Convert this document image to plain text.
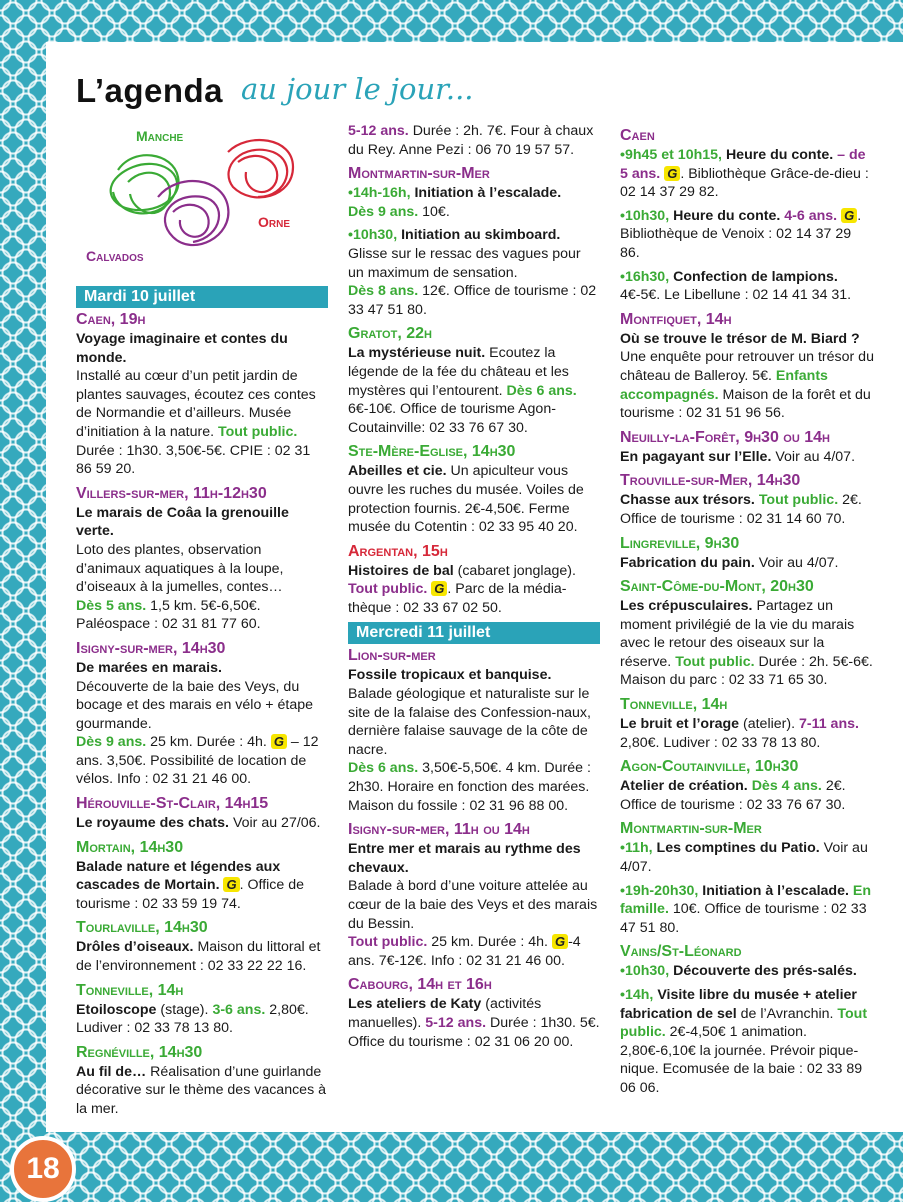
L’agenda au jour le jour...
Manche
Orne
Calvados
Mardi 10 juillet
Caen, 19h
Voyage imaginaire et contes du monde.
Installé au cœur d’un petit jardin de plantes sauvages, écoutez ces contes de Normandie et d’ailleurs. Musée d’initiation à la nature. Tout public. Durée : 1h30. 3,50€-5€. CPIE : 02 31 86 59 20.
Villers-sur-mer, 11h-12h30
Le marais de Coâa la grenouille verte.
Loto des plantes, observation d’animaux aquatiques à la loupe, d’oiseaux à la jumelles, contes…
Dès 5 ans. 1,5 km. 5€-6,50€. Paléospace : 02 31 81 77 60.
Isigny-sur-mer, 14h30
De marées en marais.
Découverte de la baie des Veys, du bocage et des marais en vélo + étape gourmande.
Dès 9 ans. 25 km. Durée : 4h. G – 12 ans. 3,50€. Possibilité de location de vélos. Info : 02 31 21 46 00.
Hérouville-St-Clair, 14h15
Le royaume des chats. Voir au 27/06.
Mortain, 14h30
Balade nature et légendes aux cascades de Mortain. G . Office de tourisme : 02 33 59 19 74.
Tourlaville, 14h30
Drôles d’oiseaux. Maison du littoral et de l’environnement : 02 33 22 22 16.
Tonneville, 14h
Etoiloscope (stage). 3-6 ans. 2,80€. Ludiver : 02 33 78 13 80.
Regnéville, 14h30
Au fil de… Réalisation d’une guirlande décorative sur le thème des vacances à la mer.
5-12 ans. Durée : 2h. 7€. Four à chaux du Rey. Anne Pezi : 06 70 19 57 57.
Montmartin-sur-Mer
•14h-16h, Initiation à l’escalade.
Dès 9 ans. 10€.
•10h30, Initiation au skimboard.
Glisse sur le ressac des vagues pour un maximum de sensation.
Dès 8 ans. 12€. Office de tourisme : 02 33 47 51 80.
Gratot, 22h
La mystérieuse nuit. Ecoutez la légende de la fée du château et les mystères qui l’entourent. Dès 6 ans. 6€-10€. Office de tourisme Agon-Coutainville: 02 33 76 67 30.
Ste-Mère-Eglise, 14h30
Abeilles et cie. Un apiculteur vous ouvre les ruches du musée. Voiles de protection fournis. 2€-4,50€. Ferme musée du Cotentin : 02 33 95 40 20.
Argentan, 15h
Histoires de bal (cabaret jonglage). Tout public. G . Parc de la média-thèque : 02 33 67 02 50.
Mercredi 11 juillet
Lion-sur-mer
Fossile tropicaux et banquise.
Balade géologique et naturaliste sur le site de la falaise des Confession-naux, dernière falaise sauvage de la côte de nacre.
Dès 6 ans. 3,50€-5,50€. 4 km. Durée : 2h30. Horaire en fonction des marées. Maison du fossile : 02 31 96 88 00.
Isigny-sur-mer, 11h ou 14h
Entre mer et marais au rythme des chevaux.
Balade à bord d’une voiture attelée au cœur de la baie des Veys et des marais du Bessin.
Tout public. 25 km. Durée : 4h. G -4 ans. 7€-12€. Info : 02 31 21 46 00.
Cabourg, 14h et 16h
Les ateliers de Katy (activités manuelles). 5-12 ans. Durée : 1h30. 5€. Office du tourisme : 02 31 06 20 00.
Caen
•9h45 et 10h15, Heure du conte. – de 5 ans. G . Bibliothèque Grâce-de-dieu : 02 14 37 29 82.
•10h30, Heure du conte. 4-6 ans. G . Bibliothèque de Venoix : 02 14 37 29 86.
•16h30, Confection de lampions. 4€-5€. Le Libellune : 02 14 41 34 31.
Montfiquet, 14h
Où se trouve le trésor de M. Biard ?
Une enquête pour retrouver un trésor du château de Balleroy. 5€. Enfants accompagnés. Maison de la forêt et du tourisme : 02 31 51 96 56.
Neuilly-la-Forêt, 9h30 ou 14h
En pagayant sur l’Elle. Voir au 4/07.
Trouville-sur-Mer, 14h30
Chasse aux trésors. Tout public. 2€. Office de tourisme : 02 31 14 60 70.
Lingreville, 9h30
Fabrication du pain. Voir au 4/07.
Saint-Côme-du-Mont, 20h30
Les crépusculaires. Partagez un moment privilégié de la vie du marais avec le retour des oiseaux sur la réserve. Tout public. Durée : 2h. 5€-6€. Maison du parc : 02 33 71 65 30.
Tonneville, 14h
Le bruit et l’orage (atelier). 7-11 ans. 2,80€. Ludiver : 02 33 78 13 80.
Agon-Coutainville, 10h30
Atelier de création. Dès 4 ans. 2€. Office de tourisme : 02 33 76 67 30.
Montmartin-sur-Mer
•11h, Les comptines du Patio. Voir au 4/07.
•19h-20h30, Initiation à l’escalade. En famille. 10€. Office de tourisme : 02 33 47 51 80.
Vains/St-Léonard
•10h30, Découverte des prés-salés.
•14h, Visite libre du musée + atelier fabrication de sel de l’Avranchin. Tout public. 2€-4,50€ 1 animation. 2,80€-6,10€ la journée. Prévoir pique-nique. Ecomusée de la baie : 02 33 89 06 06.
18
